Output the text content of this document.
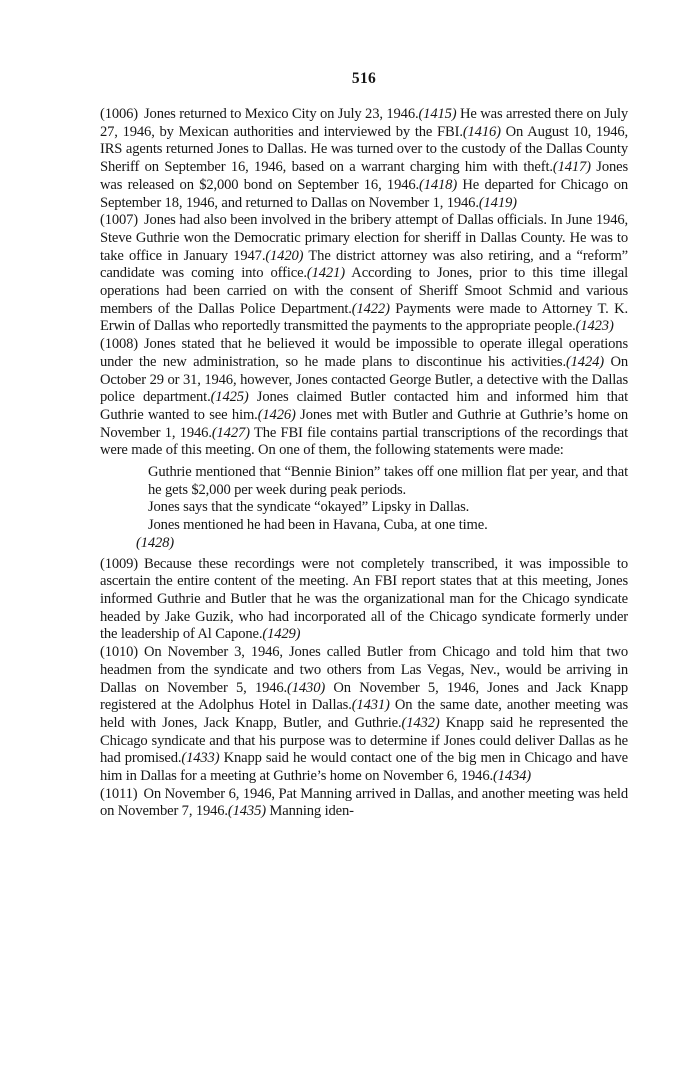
516

(1006) Jones returned to Mexico City on July 23, 1946.(1415) He was arrested there on July 27, 1946, by Mexican authorities and interviewed by the FBI.(1416) On August 10, 1946, IRS agents returned Jones to Dallas. He was turned over to the custody of the Dallas County Sheriff on September 16, 1946, based on a warrant charging him with theft.(1417) Jones was released on $2,000 bond on September 16, 1946.(1418) He departed for Chicago on September 18, 1946, and returned to Dallas on November 1, 1946.(1419)

(1007) Jones had also been involved in the bribery attempt of Dallas officials. In June 1946, Steve Guthrie won the Democratic primary election for sheriff in Dallas County. He was to take office in January 1947.(1420) The district attorney was also retiring, and a “reform” candidate was coming into office.(1421) According to Jones, prior to this time illegal operations had been carried on with the consent of Sheriff Smoot Schmid and various members of the Dallas Police Department.(1422) Payments were made to Attorney T. K. Erwin of Dallas who reportedly transmitted the payments to the appropriate people.(1423)

(1008) Jones stated that he believed it would be impossible to operate illegal operations under the new administration, so he made plans to discontinue his activities.(1424) On October 29 or 31, 1946, however, Jones contacted George Butler, a detective with the Dallas police department.(1425) Jones claimed Butler contacted him and informed him that Guthrie wanted to see him.(1426) Jones met with Butler and Guthrie at Guthrie’s home on November 1, 1946.(1427) The FBI file contains partial transcriptions of the recordings that were made of this meeting. On one of them, the following statements were made:

Guthrie mentioned that “Bennie Binion” takes off one million flat per year, and that he gets $2,000 per week during peak periods.

Jones says that the syndicate “okayed” Lipsky in Dallas.

Jones mentioned he had been in Havana, Cuba, at one time.

(1428)

(1009) Because these recordings were not completely transcribed, it was impossible to ascertain the entire content of the meeting. An FBI report states that at this meeting, Jones informed Guthrie and Butler that he was the organizational man for the Chicago syndicate headed by Jake Guzik, who had incorporated all of the Chicago syndicate formerly under the leadership of Al Capone.(1429)

(1010) On November 3, 1946, Jones called Butler from Chicago and told him that two headmen from the syndicate and two others from Las Vegas, Nev., would be arriving in Dallas on November 5, 1946.(1430) On November 5, 1946, Jones and Jack Knapp registered at the Adolphus Hotel in Dallas.(1431) On the same date, another meeting was held with Jones, Jack Knapp, Butler, and Guthrie.(1432) Knapp said he represented the Chicago syndicate and that his purpose was to determine if Jones could deliver Dallas as he had promised.(1433) Knapp said he would contact one of the big men in Chicago and have him in Dallas for a meeting at Guthrie’s home on November 6, 1946.(1434)

(1011) On November 6, 1946, Pat Manning arrived in Dallas, and another meeting was held on November 7, 1946.(1435) Manning iden-
